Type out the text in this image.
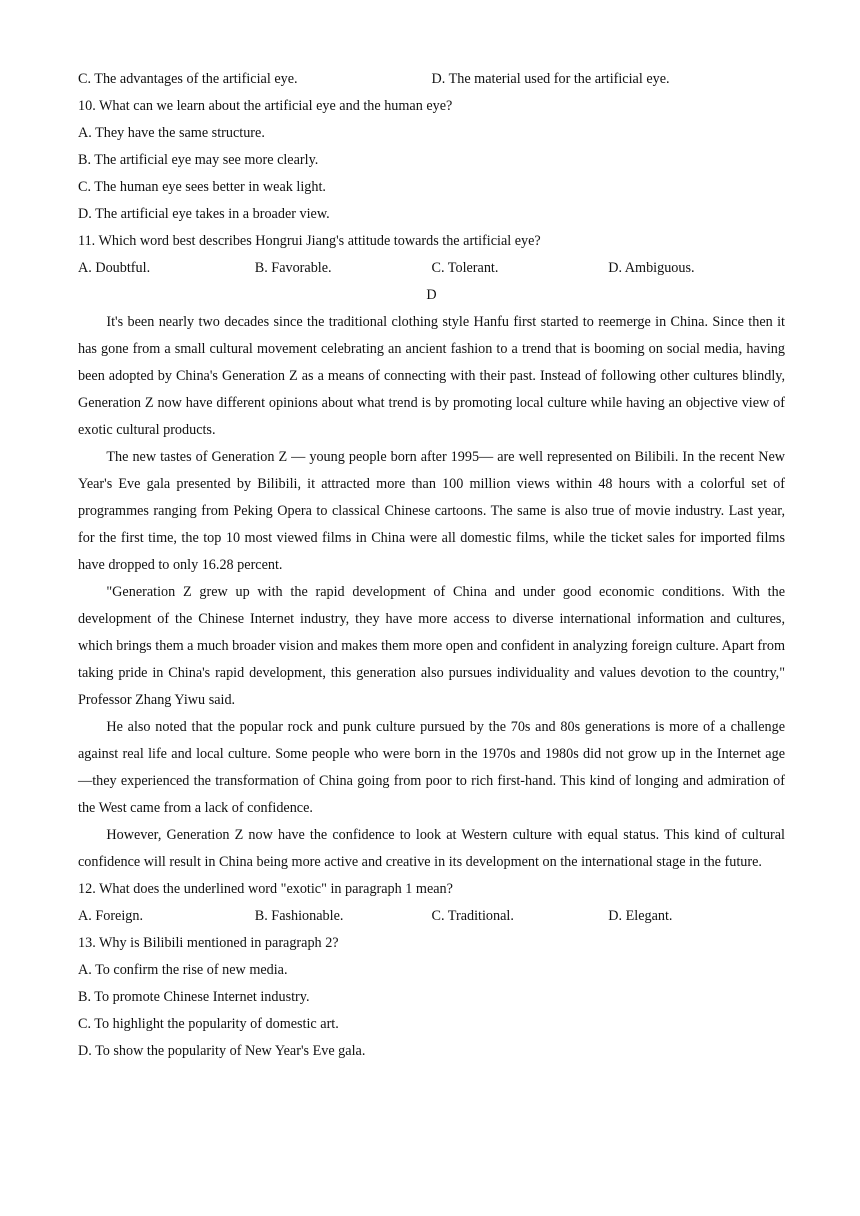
C. The advantages of the artificial eye.	D. The material used for the artificial eye.
10. What can we learn about the artificial eye and the human eye?
A. They have the same structure.
B. The artificial eye may see more clearly.
C. The human eye sees better in weak light.
D. The artificial eye takes in a broader view.
11. Which word best describes Hongrui Jiang's attitude towards the artificial eye?
A. Doubtful.	B. Favorable.	C. Tolerant.	D. Ambiguous.
D

It's been nearly two decades since the traditional clothing style Hanfu first started to reemerge in China. Since then it has gone from a small cultural movement celebrating an ancient fashion to a trend that is booming on social media, having been adopted by China's Generation Z as a means of connecting with their past. Instead of following other cultures blindly, Generation Z now have different opinions about what trend is by promoting local culture while having an objective view of exotic cultural products.

The new tastes of Generation Z — young people born after 1995— are well represented on Bilibili. In the recent New Year's Eve gala presented by Bilibili, it attracted more than 100 million views within 48 hours with a colorful set of programmes ranging from Peking Opera to classical Chinese cartoons. The same is also true of movie industry. Last year, for the first time, the top 10 most viewed films in China were all domestic films, while the ticket sales for imported films have dropped to only 16.28 percent.

"Generation Z grew up with the rapid development of China and under good economic conditions. With the development of the Chinese Internet industry, they have more access to diverse international information and cultures, which brings them a much broader vision and makes them more open and confident in analyzing foreign culture. Apart from taking pride in China's rapid development, this generation also pursues individuality and values devotion to the country," Professor Zhang Yiwu said.

He also noted that the popular rock and punk culture pursued by the 70s and 80s generations is more of a challenge against real life and local culture. Some people who were born in the 1970s and 1980s did not grow up in the Internet age —they experienced the transformation of China going from poor to rich first-hand. This kind of longing and admiration of the West came from a lack of confidence.

However, Generation Z now have the confidence to look at Western culture with equal status. This kind of cultural confidence will result in China being more active and creative in its development on the international stage in the future.

12. What does the underlined word "exotic" in paragraph 1 mean?
A. Foreign.	B. Fashionable.	C. Traditional.	D. Elegant.
13. Why is Bilibili mentioned in paragraph 2?
A. To confirm the rise of new media.
B. To promote Chinese Internet industry.
C. To highlight the popularity of domestic art.
D. To show the popularity of New Year's Eve gala.
